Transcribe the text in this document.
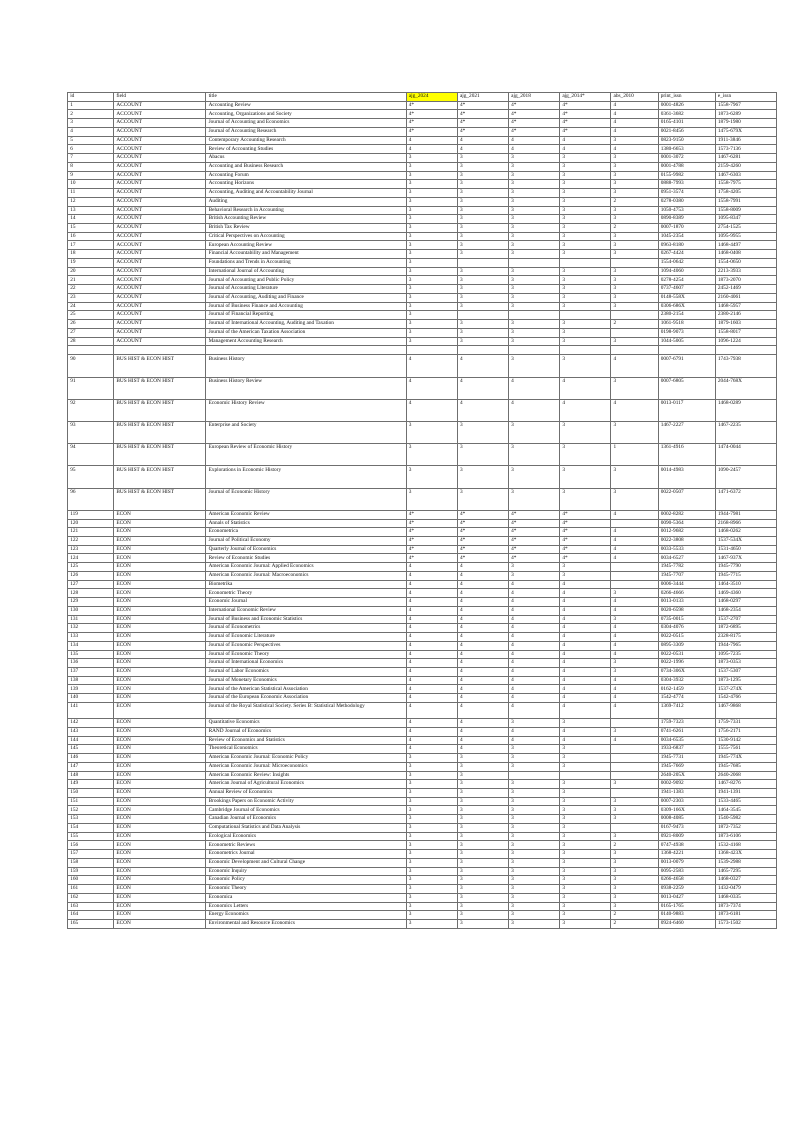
id	field	title	ajg_2024	ajg_2021	ajg_2018	ajg_2014*	abs_2010	print_issn	e_issn
1	ACCOUNT	Accounting Review	4*	4*	4*	4*	4	0001-4826	1558-7967
2	ACCOUNT	Accounting, Organizations and Society	4*	4*	4*	4*	4	0361-3682	1873-6289
3	ACCOUNT	Journal of Accounting and Economics	4*	4*	4*	4*	4	0165-4101	1879-1980
4	ACCOUNT	Journal of Accounting Research	4*	4*	4*	4*	4	0021-8456	1475-679X
5	ACCOUNT	Contemporary Accounting Research	4	4	4	4	3	0823-9150	1911-3846
6	ACCOUNT	Review of Accounting Studies	4	4	4	4	4	1380-6653	1573-7136
7	ACCOUNT	Abacus	3	3	3	3	3	0001-3072	1467-6281
8	ACCOUNT	Accounting and Business Research	3	3	3	3	3	0001-4788	2159-4260
9	ACCOUNT	Accounting Forum	3	3	3	3	3	0155-9982	1467-6303
10	ACCOUNT	Accounting Horizons	3	3	3	3	3	0888-7993	1558-7975
11	ACCOUNT	Accounting, Auditing and Accountability Journal	3	3	3	3	3	0951-3574	1758-4205
12	ACCOUNT	Auditing	3	3	3	3	2	0278-0380	1558-7991
13	ACCOUNT	Behavioral Research in Accounting	3	3	3	3	3	1050-4753	1558-8009
14	ACCOUNT	British Accounting Review	3	3	3	3	3	0890-8389	1095-8347
15	ACCOUNT	British Tax Review	3	3	3	3	2	0007-1870	2754-1525
16	ACCOUNT	Critical Perspectives on Accounting	3	3	3	3	3	1045-2354	1095-9955
17	ACCOUNT	European Accounting Review	3	3	3	3	3	0963-8180	1468-4497
18	ACCOUNT	Financial Accountability and Management	3	3	3	3	3	0267-4424	1468-0408
19	ACCOUNT	Foundations and Trends in Accounting	3					1554-0642	1554-0650
20	ACCOUNT	International Journal of Accounting	3	3	3	3	3	1094-4060	2213-3933
21	ACCOUNT	Journal of Accounting and Public Policy	3	3	3	3	3	0278-4254	1873-2070
22	ACCOUNT	Journal of Accounting Literature	3	3	3	3	3	0737-4607	2452-1469
23	ACCOUNT	Journal of Accounting, Auditing and Finance	3	3	3	3	3	0148-558X	2160-4061
24	ACCOUNT	Journal of Business Finance and Accounting	3	3	3	3	3	0306-686X	1468-5957
25	ACCOUNT	Journal of Financial Reporting	3					2380-2154	2380-2146
26	ACCOUNT	Journal of International Accounting, Auditing and Taxation	3	3	3	3	2	1061-9518	1879-1603
27	ACCOUNT	Journal of the American Taxation Association	3	3	3	3		0198-9073	1558-8017
28	ACCOUNT	Management Accounting Research	3	3	3	3	3	1044-5005	1096-1224

90	BUS HIST & ECON HIST	Business History	4	4	3	3	4	0007-6791	1743-7938
91	BUS HIST & ECON HIST	Business History Review	4	4	4	4	3	0007-6805	2044-768X
92	BUS HIST & ECON HIST	Economic History Review	4	4	4	4	4	0013-0117	1468-0289
93	BUS HIST & ECON HIST	Enterprise and Society	3	3	3	3	3	1467-2227	1467-2235
94	BUS HIST & ECON HIST	European Review of Economic History	3	3	3	3	1	1361-4916	1474-0044
95	BUS HIST & ECON HIST	Explorations in Economic History	3	3	3	3	3	0014-4983	1090-2457
96	BUS HIST & ECON HIST	Journal of Economic History	3	3	3	3	3	0022-0507	1471-6372
119	ECON	American Economic Review	4*	4*	4*	4*	4	0002-8282	1944-7981
120	ECON	Annals of Statistics	4*	4*	4*	4*		0090-5364	2168-8966
121	ECON	Econometrica	4*	4*	4*	4*	4	0012-9682	1468-0262
122	ECON	Journal of Political Economy	4*	4*	4*	4*	4	0022-3808	1537-534X
123	ECON	Quarterly Journal of Economics	4*	4*	4*	4*	4	0033-5533	1531-4650
124	ECON	Review of Economic Studies	4*	4*	4*	4*	4	0034-6527	1467-937X
125	ECON	American Economic Journal: Applied Economics	4	4	3	3		1945-7782	1945-7790
126	ECON	American Economic Journal: Macroeconomics	4	4	3	3		1945-7707	1945-7715
127	ECON	Biometrika	4	4	4	4		0006-3444	1464-3510
128	ECON	Econometric Theory	4	4	4	4	3	0266-4666	1469-4360
129	ECON	Economic Journal	4	4	4	4	4	0013-0133	1468-0297
130	ECON	International Economic Review	4	4	4	4	4	0020-6598	1468-2354
131	ECON	Journal of Business and Economic Statistics	4	4	4	4	3	0735-0015	1537-2707
132	ECON	Journal of Econometrics	4	4	4	4	4	0304-4076	1872-6895
133	ECON	Journal of Economic Literature	4	4	4	4	4	0022-0515	2328-8175
134	ECON	Journal of Economic Perspectives	4	4	4	4	4	0895-3309	1944-7965
135	ECON	Journal of Economic Theory	4	4	4	4	4	0022-0531	1095-7235
136	ECON	Journal of International Economics	4	4	4	4	3	0022-1996	1873-0353
137	ECON	Journal of Labor Economics	4	4	4	4	3	0734-306X	1537-5307
138	ECON	Journal of Monetary Economics	4	4	4	4	4	0304-3932	1873-1295
139	ECON	Journal of the American Statistical Association	4	4	4	4	4	0162-1459	1537-274X
140	ECON	Journal of the European Economic Association	4	4	4	4	4	1542-4774	1542-4766
141	ECON	Journal of the Royal Statistical Society. Series B: Statistical Methodology	4	4	4	4	4	1369-7412	1467-9868
142	ECON	Quantitative Economics	4	4	3	3		1759-7323	1759-7331
143	ECON	RAND Journal of Economics	4	4	4	4	3	0741-6261	1756-2171
144	ECON	Review of Economics and Statistics	4	4	4	4	4	0034-6535	1530-9142
145	ECON	Theoretical Economics	4	4	3	3		1933-6837	1555-7561
146	ECON	American Economic Journal: Economic Policy	3	3	3	3		1945-7731	1945-774X
147	ECON	American Economic Journal: Microeconomics	3	3	3	3		1945-7669	1945-7685
148	ECON	American Economic Review: Insights	3	3				2640-205X	2640-2068
149	ECON	American Journal of Agricultural Economics	3	3	3	3	3	0002-9092	1467-8276
150	ECON	Annual Review of Economics	3	3	3	3		1941-1383	1941-1391
151	ECON	Brookings Papers on Economic Activity	3	3	3	3	3	0007-2303	1533-4465
152	ECON	Cambridge Journal of Economics	3	3	3	3	3	0309-166X	1464-3545
153	ECON	Canadian Journal of Economics	3	3	3	3	3	0008-4085	1540-5982
154	ECON	Computational Statistics and Data Analysis	3	3	3	3		0167-9473	1872-7352
155	ECON	Ecological Economics	3	3	3	3	3	0921-8009	1873-6106
156	ECON	Econometric Reviews	3	3	3	3	2	0747-4938	1532-4168
157	ECON	Econometrics Journal	3	3	3	3	3	1368-4221	1368-423X
158	ECON	Economic Development and Cultural Change	3	3	3	3	3	0013-0079	1539-2988
159	ECON	Economic Inquiry	3	3	3	3	3	0095-2583	1465-7295
160	ECON	Economic Policy	3	3	3	3	3	0266-4658	1468-0327
161	ECON	Economic Theory	3	3	3	3	3	0938-2259	1432-0479
162	ECON	Economica	3	3	3	3	3	0013-0427	1468-0335
163	ECON	Economics Letters	3	3	3	3	3	0165-1765	1873-7374
164	ECON	Energy Economics	3	3	3	3	2	0140-9883	1873-6181
165	ECON	Environmental and Resource Economics	3	3	3	3	2	0924-6460	1573-1502
